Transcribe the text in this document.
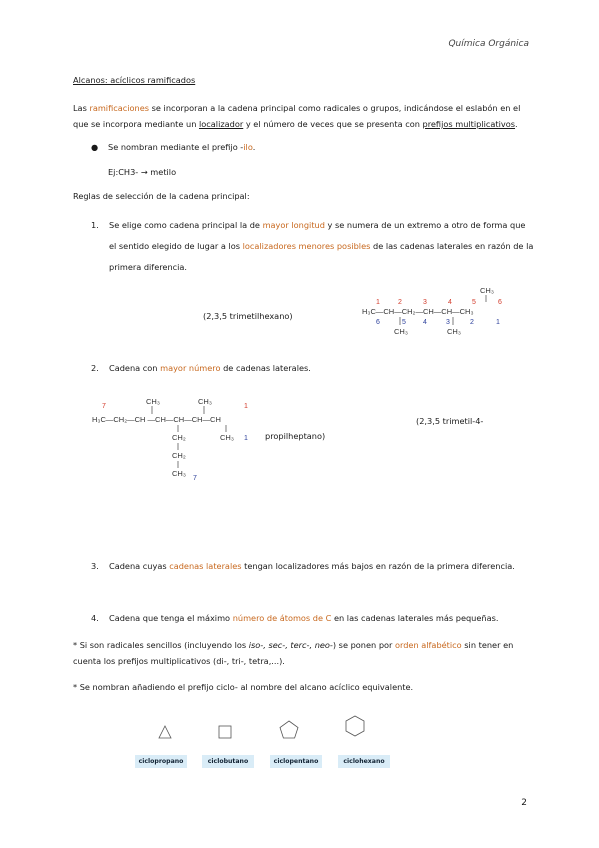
Química Orgánica
Alcanos: acíclicos ramificados
Las ramificaciones se incorporan a la cadena principal como radicales o grupos, indicándose el eslabón en el
que se incorpora mediante un localizador y el número de veces que se presenta con prefijos multiplicativos.
● Se nombran mediante el prefijo -ilo.
Ej:CH3- → metilo
Reglas de selección de la cadena principal:
1. Se elige como cadena principal la de mayor longitud y se numera de un extremo a otro de forma que
el sentido elegido de lugar a los localizadores menores posibles de las cadenas laterales en razón de la
primera diferencia.
(2,3,5 trimetilhexano)
CH₃
1	2	3	4	5	6
H₃C—CH—CH₂—CH—CH—CH₃
6	5 4	3	2	1
CH₃	CH₃
2. Cadena con mayor número de cadenas laterales.
7	1
CH₃	CH₃
H₃C—CH₂—CH —CH—CH—CH—CH
CH₂	CH₃ 1
CH₂
CH₃
7
(2,3,5 trimetil-4-
propilheptano)
3. Cadena cuyas cadenas laterales tengan localizadores más bajos en razón de la primera diferencia.
4. Cadena que tenga el máximo número de átomos de C en las cadenas laterales más pequeñas.
* Si son radicales sencillos (incluyendo los iso-, sec-, terc-, neo-) se ponen por orden alfabético sin tener en
cuenta los prefijos multiplicativos (di-, tri-, tetra,...).
* Se nombran añadiendo el prefijo ciclo- al nombre del alcano acíclico equivalente.
ciclopropano	ciclobutano	ciclopentano	ciclohexano
2
